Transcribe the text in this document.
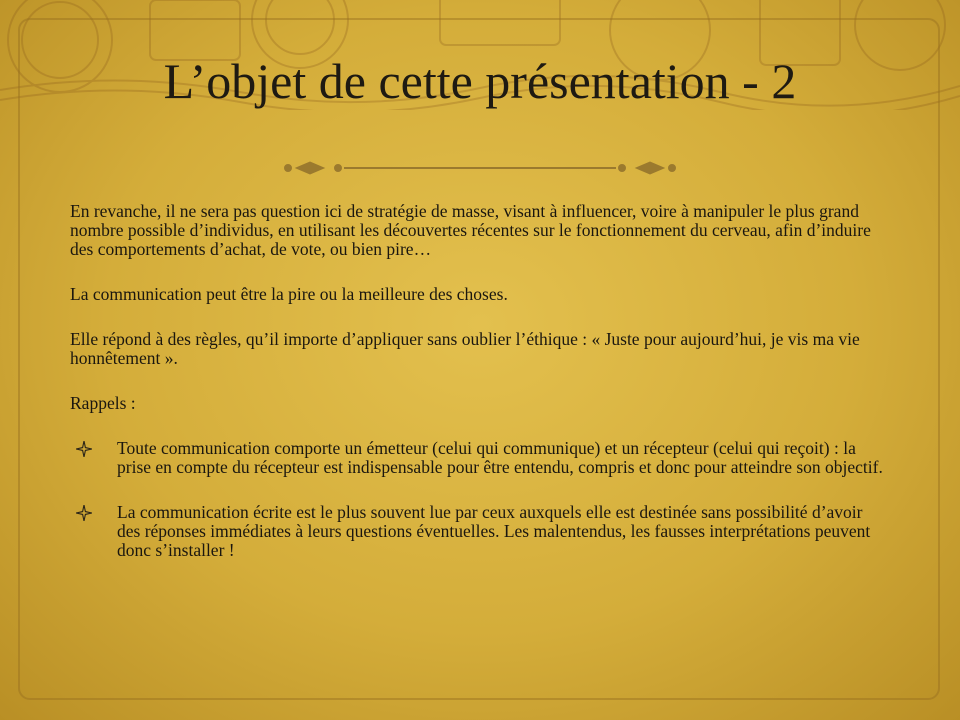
L’objet de cette présentation - 2

En revanche, il ne sera pas question ici de stratégie de masse, visant à influencer, voire à manipuler le plus grand nombre possible d’individus, en utilisant les découvertes récentes sur le fonctionnement du cerveau, afin d’induire des comportements d’achat, de vote, ou bien pire…

La communication peut être la pire ou la meilleure des choses.

Elle répond à des règles, qu’il importe d’appliquer sans oublier l’éthique : « Juste pour aujourd’hui, je vis ma vie honnêtement ».

Rappels :

Toute communication comporte un émetteur (celui qui communique) et un récepteur (celui qui reçoit) : la prise en compte du récepteur est indispensable pour être entendu, compris et donc pour atteindre son objectif.
La communication écrite est le plus souvent lue par ceux auxquels elle est destinée sans possibilité d’avoir des réponses immédiates à leurs questions éventuelles. Les malentendus, les fausses interprétations peuvent donc s’installer !
